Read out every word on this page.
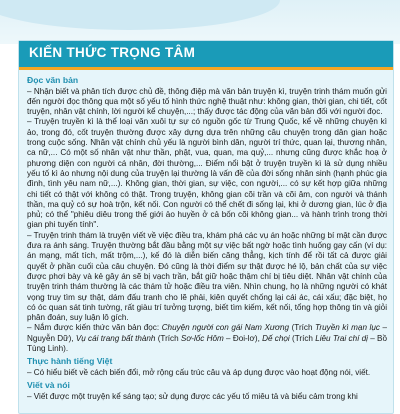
KIẾN THỨC TRỌNG TÂM
Đọc văn bản

– Nhận biết và phân tích được chủ đề, thông điệp mà văn bản truyện kì, truyện trinh thám muốn gửi đến người đọc thông qua một số yếu tố hình thức nghệ thuật như: không gian, thời gian, chi tiết, cốt truyện, nhân vật chính, lời người kể chuyện,...; thấy được tác động của văn bản đối với người đọc.

– Truyện truyền kì là thể loại văn xuôi tự sự có nguồn gốc từ Trung Quốc, kể về những chuyện kì ảo, trong đó, cốt truyện thường được xây dựng dựa trên những câu chuyện trong dân gian hoặc trong cuộc sống. Nhân vật chính chủ yếu là người bình dân, người trí thức, quan lại, thương nhân, ca nữ,... Có một số nhân vật như thần, phật, vua, quan, ma quỷ,... nhưng cũng được khắc hoạ ở phương diện con người cá nhân, đời thường,... Điểm nổi bật ở truyện truyền kì là sử dụng nhiều yếu tố kì ảo nhưng nội dung của truyện lại thường là vấn đề của đời sống nhân sinh (hạnh phúc gia đình, tình yêu nam nữ,...). Không gian, thời gian, sự việc, con người,... có sự kết hợp giữa những chi tiết có thật với không có thật. Trong truyện, không gian cõi trần và cõi âm, con người và thánh thần, ma quỷ có sự hoà trộn, kết nối. Con người có thể chết đi sống lại, khi ở dương gian, lúc ở địa phủ; có thể "phiêu diêu trong thế giới ảo huyền ở cả bốn cõi không gian... và hành trình trong thời gian phi tuyến tính".

– Truyện trinh thám là truyện viết về việc điều tra, khám phá các vụ án hoặc những bí mật cần được đưa ra ánh sáng. Truyện thường bắt đầu bằng một sự việc bất ngờ hoặc tình huống gay cấn (ví dụ: án mạng, mất tích, mất trộm,...), kế đó là diễn biến căng thẳng, kịch tính để rồi tất cả được giải quyết ở phần cuối của câu chuyện. Đó cũng là thời điểm sự thật được hé lộ, bản chất của sự việc được phơi bày và kẻ gây án sẽ bị vạch trần, bắt giữ hoặc thậm chí bị tiêu diệt. Nhân vật chính của truyện trinh thám thường là các thám tử hoặc điều tra viên. Nhìn chung, họ là những người có khát vọng truy tìm sự thật, dám đấu tranh cho lẽ phải, kiên quyết chống lại cái ác, cái xấu; đặc biệt, họ có óc quan sát tinh tường, rất giàu trí tưởng tượng, biết tìm kiếm, kết nối, tổng hợp thông tin và giỏi phân đoán, suy luận lô gích.

– Nắm được kiến thức văn bản đọc: Chuyện người con gái Nam Xương (Trích Truyền kì mạn lục – Nguyễn Dữ), Vụ cái trang bất thành (Trích Sơ-lốc Hôm – Đoi-lơ), Dế chọi (Trích Liêu Trai chí dị – Bồ Tùng Linh).

Thực hành tiếng Việt

– Có hiểu biết về cách biến đổi, mở rộng cấu trúc câu và áp dụng được vào hoạt động nói, viết.

Viết và nói

– Viết được một truyện kể sáng tạo; sử dụng được các yếu tố miêu tả và biểu cảm trong khi
